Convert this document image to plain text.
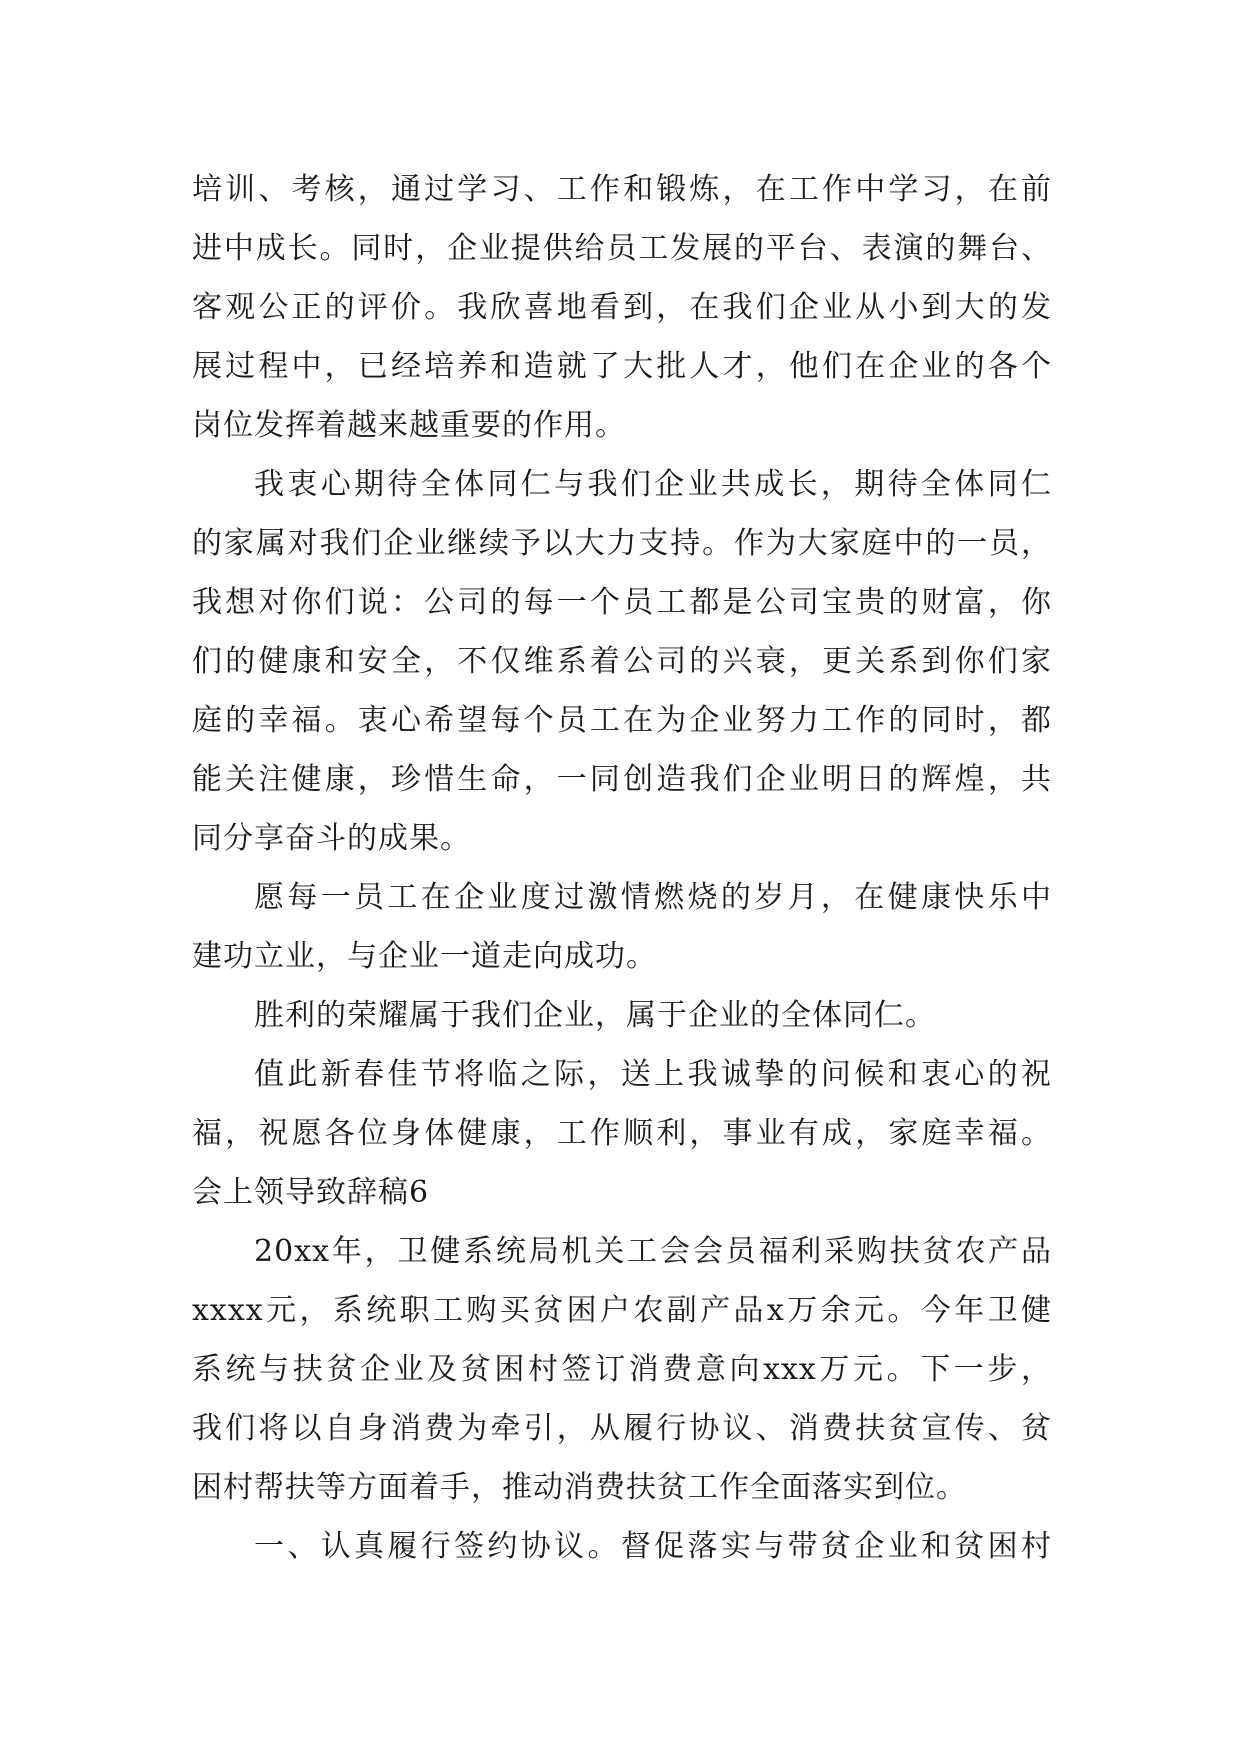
培训、考核，通过学习、工作和锻炼，在工作中学习，在前
进中成长。同时，企业提供给员工发展的平台、表演的舞台、
客观公正的评价。我欣喜地看到，在我们企业从小到大的发
展过程中，已经培养和造就了大批人才，他们在企业的各个
岗位发挥着越来越重要的作用。
我衷心期待全体同仁与我们企业共成长，期待全体同仁
的家属对我们企业继续予以大力支持。作为大家庭中的一员，
我想对你们说：公司的每一个员工都是公司宝贵的财富，你
们的健康和安全，不仅维系着公司的兴衰，更关系到你们家
庭的幸福。衷心希望每个员工在为企业努力工作的同时，都
能关注健康，珍惜生命，一同创造我们企业明日的辉煌，共
同分享奋斗的成果。
愿每一员工在企业度过激情燃烧的岁月，在健康快乐中
建功立业，与企业一道走向成功。
胜利的荣耀属于我们企业，属于企业的全体同仁。
值此新春佳节将临之际，送上我诚挚的问候和衷心的祝
福，祝愿各位身体健康，工作顺利，事业有成，家庭幸福。
会上领导致辞稿6
20xx年，卫健系统局机关工会会员福利采购扶贫农产品
xxxx元，系统职工购买贫困户农副产品x万余元。今年卫健
系统与扶贫企业及贫困村签订消费意向xxx万元。下一步，
我们将以自身消费为牵引，从履行协议、消费扶贫宣传、贫
困村帮扶等方面着手，推动消费扶贫工作全面落实到位。
一、认真履行签约协议。督促落实与带贫企业和贫困村
